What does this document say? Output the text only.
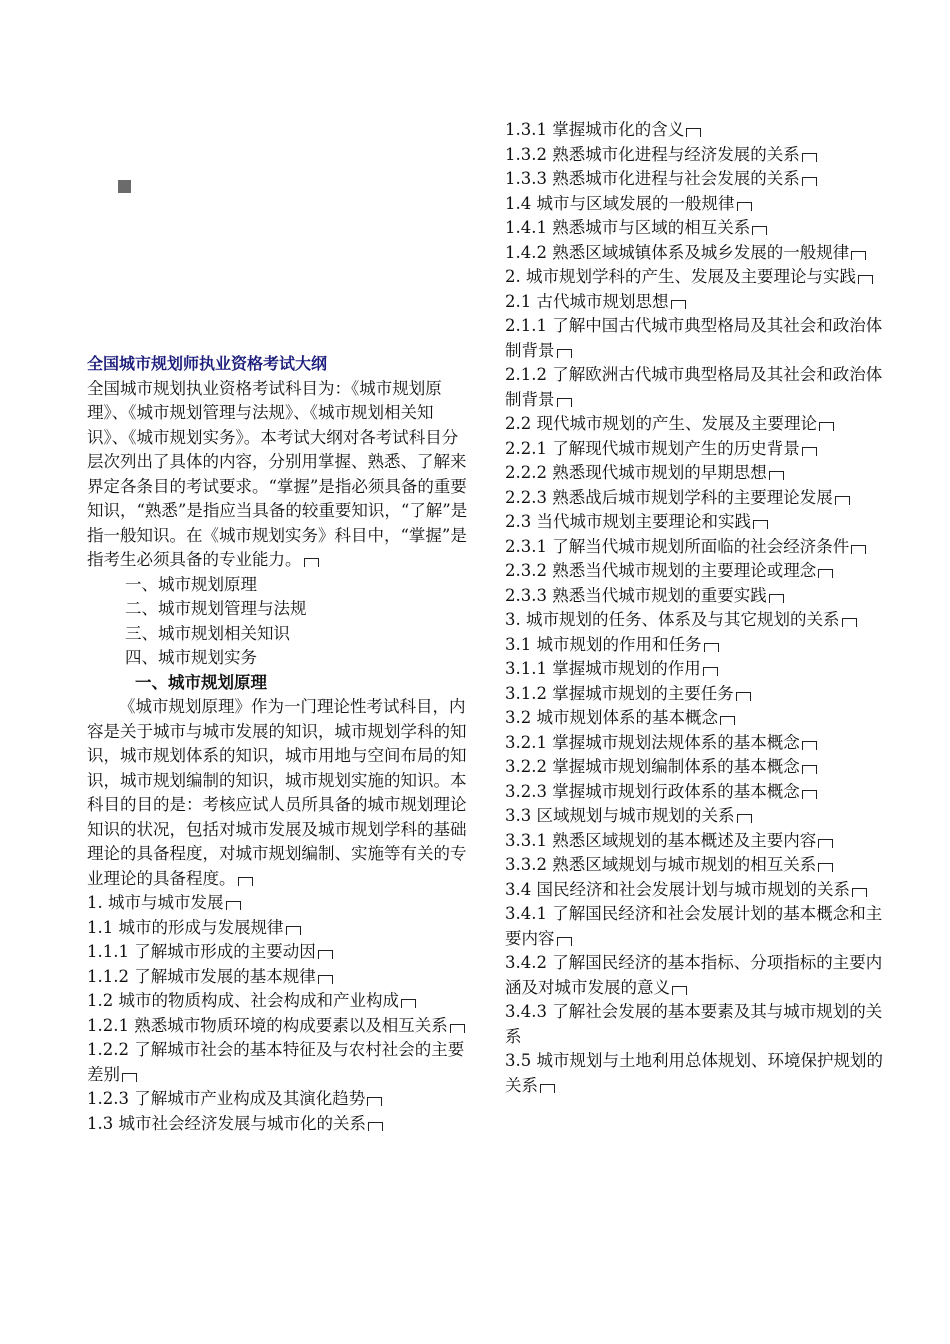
全国城市规划师执业资格考试大纲

全国城市规划执业资格考试科目为：《城市规划原理》、《城市规划管理与法规》、《城市规划相关知识》、《城市规划实务》。本考试大纲对各考试科目分层次列出了具体的内容，分别用掌握、熟悉、了解来界定各条目的考试要求。“掌握”是指必须具备的重要知识，“熟悉”是指应当具备的较重要知识，“了解”是指一般知识。在《城市规划实务》科目中，“掌握”是指考生必须具备的专业能力。

一、城市规划原理

二、城市规划管理与法规

三、城市规划相关知识

四、城市规划实务

一、城市规划原理

《城市规划原理》作为一门理论性考试科目，内容是关于城市与城市发展的知识，城市规划学科的知识，城市规划体系的知识，城市用地与空间布局的知识，城市规划编制的知识，城市规划实施的知识。本科目的目的是：考核应试人员所具备的城市规划理论知识的状况，包括对城市发展及城市规划学科的基础理论的具备程度，对城市规划编制、实施等有关的专业理论的具备程度。

1. 城市与城市发展

1.1 城市的形成与发展规律

1.1.1 了解城市形成的主要动因

1.1.2 了解城市发展的基本规律

1.2 城市的物质构成、社会构成和产业构成

1.2.1 熟悉城市物质环境的构成要素以及相互关系

1.2.2 了解城市社会的基本特征及与农村社会的主要差别

1.2.3 了解城市产业构成及其演化趋势

1.3 城市社会经济发展与城市化的关系

1.3.1 掌握城市化的含义

1.3.2 熟悉城市化进程与经济发展的关系

1.3.3 熟悉城市化进程与社会发展的关系

1.4 城市与区域发展的一般规律

1.4.1 熟悉城市与区域的相互关系

1.4.2 熟悉区域城镇体系及城乡发展的一般规律

2. 城市规划学科的产生、发展及主要理论与实践

2.1 古代城市规划思想

2.1.1 了解中国古代城市典型格局及其社会和政治体制背景

2.1.2 了解欧洲古代城市典型格局及其社会和政治体制背景

2.2 现代城市规划的产生、发展及主要理论

2.2.1 了解现代城市规划产生的历史背景

2.2.2 熟悉现代城市规划的早期思想

2.2.3 熟悉战后城市规划学科的主要理论发展

2.3 当代城市规划主要理论和实践

2.3.1 了解当代城市规划所面临的社会经济条件

2.3.2 熟悉当代城市规划的主要理论或理念

2.3.3 熟悉当代城市规划的重要实践

3. 城市规划的任务、体系及与其它规划的关系

3.1 城市规划的作用和任务

3.1.1 掌握城市规划的作用

3.1.2 掌握城市规划的主要任务

3.2 城市规划体系的基本概念

3.2.1 掌握城市规划法规体系的基本概念

3.2.2 掌握城市规划编制体系的基本概念

3.2.3 掌握城市规划行政体系的基本概念

3.3 区域规划与城市规划的关系

3.3.1 熟悉区域规划的基本概述及主要内容

3.3.2 熟悉区域规划与城市规划的相互关系

3.4 国民经济和社会发展计划与城市规划的关系

3.4.1 了解国民经济和社会发展计划的基本概念和主要内容

3.4.2 了解国民经济的基本指标、分项指标的主要内涵及对城市发展的意义

3.4.3 了解社会发展的基本要素及其与城市规划的关系

3.5 城市规划与土地利用总体规划、环境保护规划的关系
